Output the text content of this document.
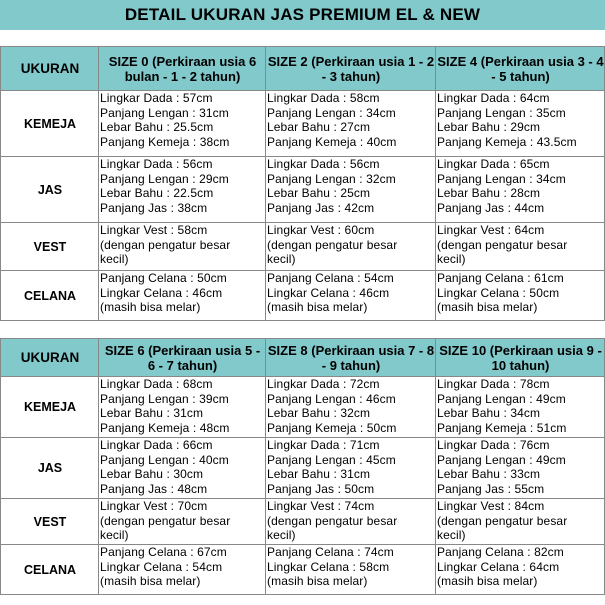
DETAIL UKURAN JAS PREMIUM EL & NEW
UKURAN	SIZE 0 (Perkiraan usia 6 bulan - 1 - 2 tahun)	SIZE 2 (Perkiraan usia 1 - 2 - 3 tahun)	SIZE 4 (Perkiraan usia 3 - 4 - 5 tahun)
KEMEJA	Lingkar Dada : 57cm
Panjang Lengan : 31cm
Lebar Bahu : 25.5cm
Panjang Kemeja : 38cm	Lingkar Dada : 58cm
Panjang Lengan : 34cm
Lebar Bahu : 27cm
Panjang Kemeja : 40cm	Lingkar Dada : 64cm
Panjang Lengan : 35cm
Lebar Bahu : 29cm
Panjang Kemeja : 43.5cm

JAS	Lingkar Dada : 56cm
Panjang Lengan : 29cm
Lebar Bahu : 22.5cm
Panjang Jas : 38cm	Lingkar Dada : 56cm
Panjang Lengan : 32cm
Lebar Bahu : 25cm
Panjang Jas : 42cm	Lingkar Dada : 65cm
Panjang Lengan : 34cm
Lebar Bahu : 28cm
Panjang Jas : 44cm

VEST	Lingkar Vest : 58cm
(dengan pengatur besar
kecil)	Lingkar Vest : 60cm
(dengan pengatur besar
kecil)	Lingkar Vest : 64cm
(dengan pengatur besar
kecil)

CELANA	Panjang Celana : 50cm
Lingkar Celana : 46cm
(masih bisa melar)	Panjang Celana : 54cm
Lingkar Celana : 46cm
(masih bisa melar)	Panjang Celana : 61cm
Lingkar Celana : 50cm
(masih bisa melar)
UKURAN	SIZE 6 (Perkiraan usia 5 - 6 - 7 tahun)	SIZE 8 (Perkiraan usia 7 - 8 - 9 tahun)	SIZE 10 (Perkiraan usia 9 - 10 tahun)
KEMEJA	Lingkar Dada : 68cm
Panjang Lengan : 39cm
Lebar Bahu : 31cm
Panjang Kemeja : 48cm	Lingkar Dada : 72cm
Panjang Lengan : 46cm
Lebar Bahu : 32cm
Panjang Kemeja : 50cm	Lingkar Dada : 78cm
Panjang Lengan : 49cm
Lebar Bahu : 34cm
Panjang Kemeja : 51cm

JAS	Lingkar Dada : 66cm
Panjang Lengan : 40cm
Lebar Bahu : 30cm
Panjang Jas : 48cm	Lingkar Dada : 71cm
Panjang Lengan : 45cm
Lebar Bahu : 31cm
Panjang Jas : 50cm	Lingkar Dada : 76cm
Panjang Lengan : 49cm
Lebar Bahu : 33cm
Panjang Jas : 55cm

VEST	Lingkar Vest : 70cm
(dengan pengatur besar
kecil)	Lingkar Vest : 74cm
(dengan pengatur besar
kecil)	Lingkar Vest : 84cm
(dengan pengatur besar
kecil)

CELANA	Panjang Celana : 67cm
Lingkar Celana : 54cm
(masih bisa melar)	Panjang Celana : 74cm
Lingkar Celana : 58cm
(masih bisa melar)	Panjang Celana : 82cm
Lingkar Celana : 64cm
(masih bisa melar)
